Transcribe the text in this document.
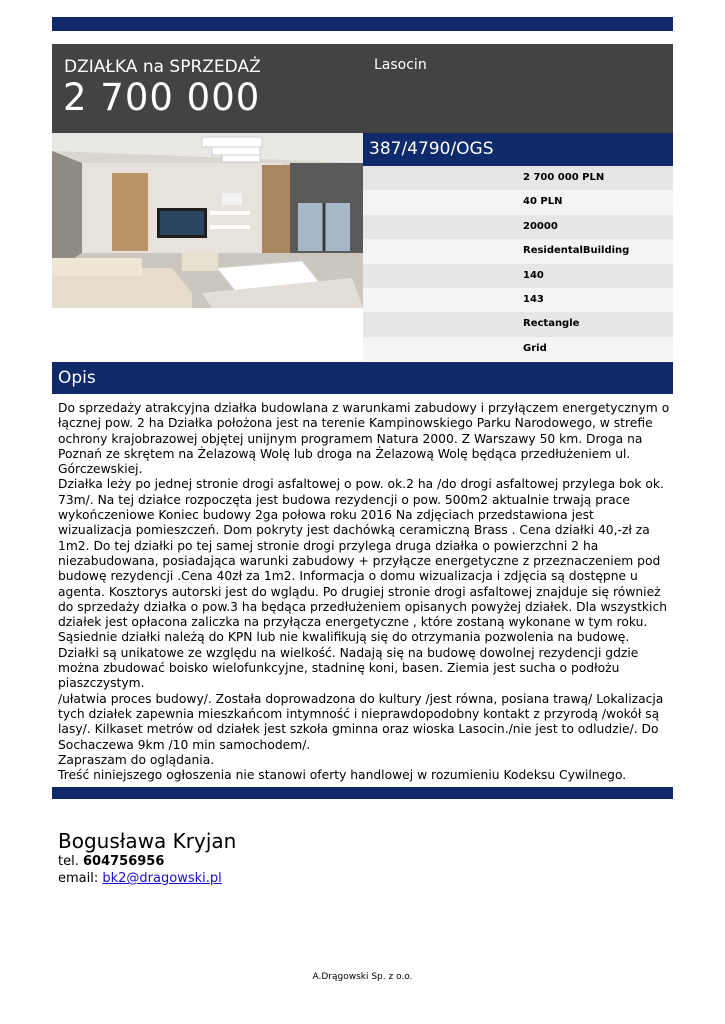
DZIAŁKA na SPRZEDAŻ
2 700 000
Lasocin
387/4790/OGS
2 700 000 PLN
40 PLN
20000
ResidentalBuilding
140
143
Rectangle
Grid
Opis
Do sprzedaży atrakcyjna działka budowlana z warunkami zabudowy i przyłączem energetycznym o łącznej pow. 2 ha Działka położona jest na terenie Kampinowskiego Parku Narodowego, w strefie ochrony krajobrazowej objętej unijnym programem Natura 2000. Z Warszawy 50 km. Droga na Poznań ze skrętem na Żelazową Wolę lub droga na Żelazową Wolę będąca przedłużeniem ul. Górczewskiej.
Działka leży po jednej stronie drogi asfaltowej o pow. ok.2 ha /do drogi asfaltowej przylega bok ok. 73m/. Na tej działce rozpoczęta jest budowa rezydencji o pow. 500m2 aktualnie trwają prace wykończeniowe Koniec budowy 2ga połowa roku 2016 Na zdjęciach przedstawiona jest wizualizacja pomieszczeń. Dom pokryty jest dachówką ceramiczną Brass . Cena działki 40,-zł za 1m2. Do tej działki po tej samej stronie drogi przylega druga działka o powierzchni 2 ha niezabudowana, posiadająca warunki zabudowy + przyłącze energetyczne z przeznaczeniem pod budowę rezydencji .Cena 40zł za 1m2. Informacja o domu wizualizacja i zdjęcia są dostępne u agenta. Kosztorys autorski jest do wglądu. Po drugiej stronie drogi asfaltowej znajduje się również do sprzedaży działka o pow.3 ha będąca przedłużeniem opisanych powyżej działek. Dla wszystkich działek jest opłacona zaliczka na przyłącza energetyczne , które zostaną wykonane w tym roku. Sąsiednie działki należą do KPN lub nie kwalifikują się do otrzymania pozwolenia na budowę. Działki są unikatowe ze względu na wielkość. Nadają się na budowę dowolnej rezydencji gdzie można zbudować boisko wielofunkcyjne, stadninę koni, basen. Ziemia jest sucha o podłożu piaszczystym.
/ułatwia proces budowy/. Została doprowadzona do kultury /jest równa, posiana trawą/ Lokalizacja tych działek zapewnia mieszkańcom intymność i nieprawdopodobny kontakt z przyrodą /wokół są lasy/. Kilkaset metrów od działek jest szkoła gminna oraz wioska Lasocin./nie jest to odludzie/. Do Sochaczewa 9km /10 min samochodem/.
Zapraszam do oglądania.
Treść niniejszego ogłoszenia nie stanowi oferty handlowej w rozumieniu Kodeksu Cywilnego.
Bogusława Kryjan
tel. 604756956
email: bk2@dragowski.pl
A.Drągowski Sp. z o.o.
